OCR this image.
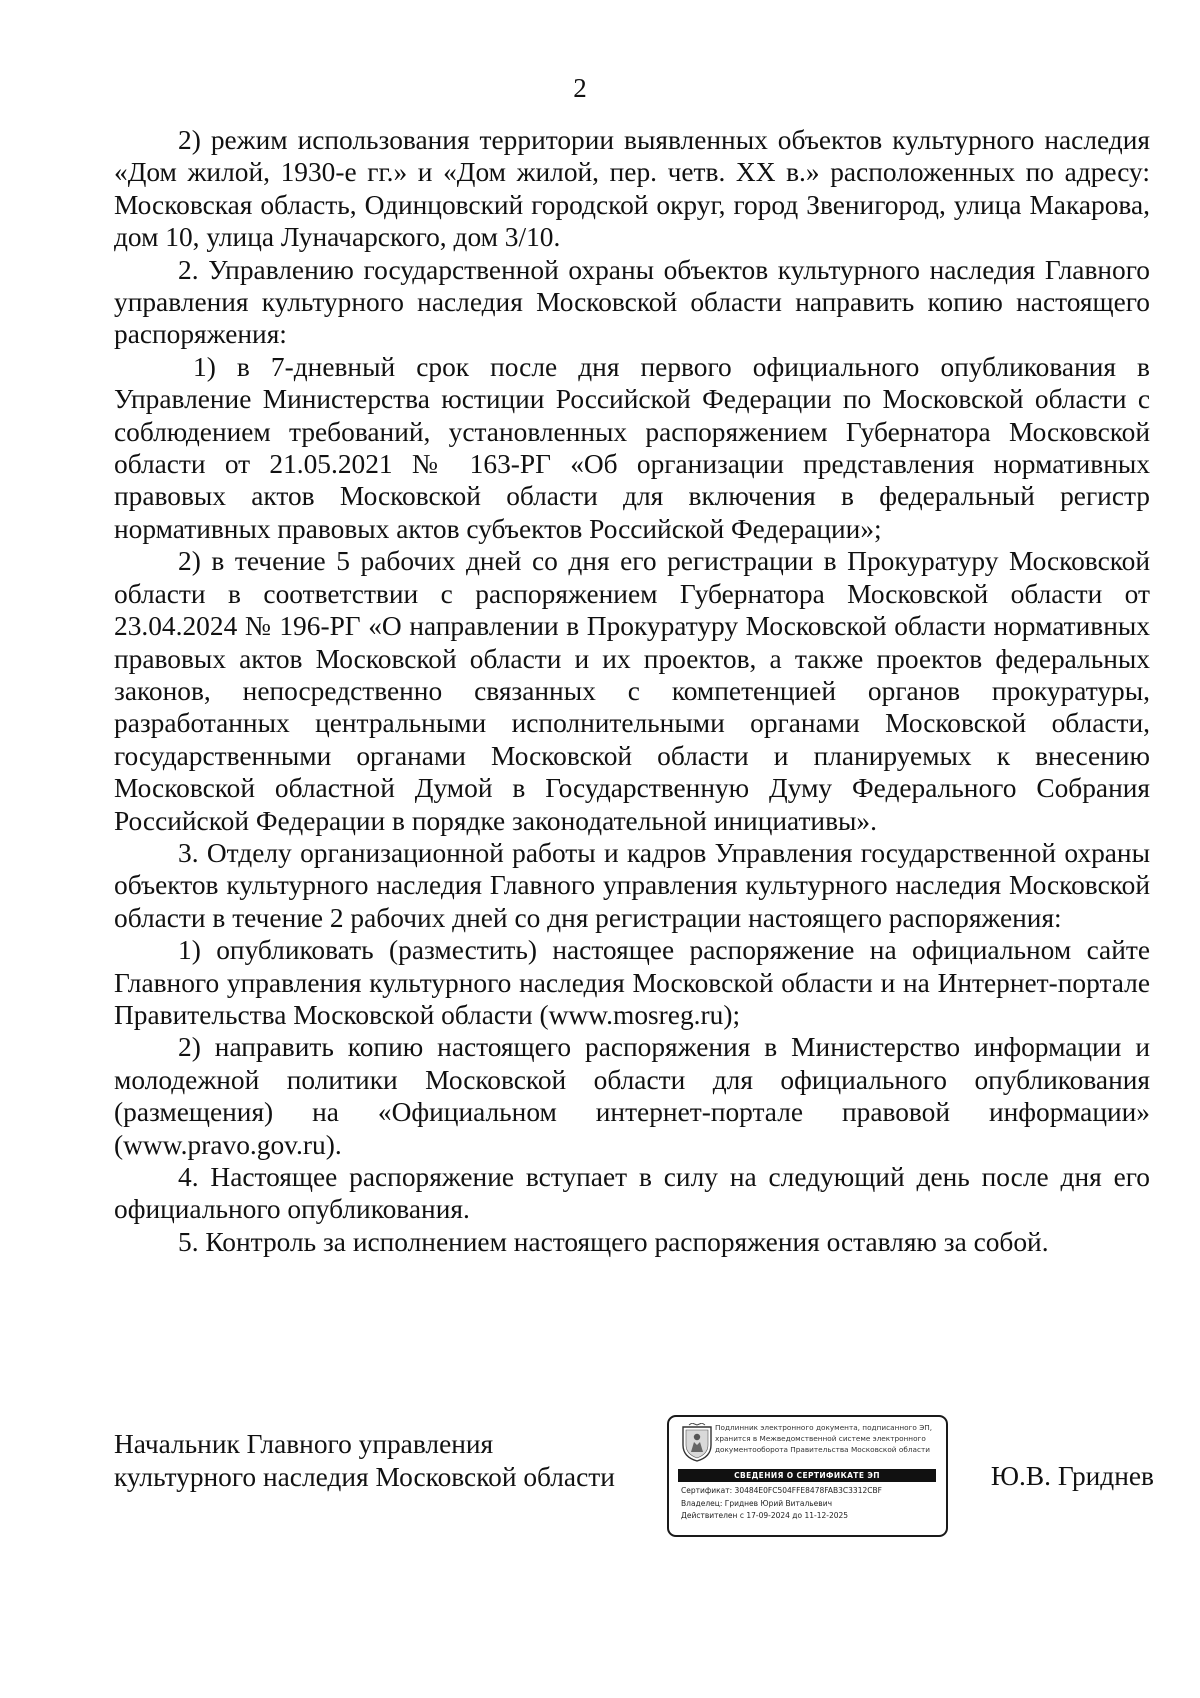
2

2) режим использования территории выявленных объектов культурного наследия «Дом жилой, 1930-е гг.» и «Дом жилой, пер. четв. XX в.» расположенных по адресу: Московская область, Одинцовский городской округ, город Звенигород, улица Макарова, дом 10, улица Луначарского, дом 3/10.

2. Управлению государственной охраны объектов культурного наследия Главного управления культурного наследия Московской области направить копию настоящего распоряжения:

1) в 7-дневный срок после дня первого официального опубликования в Управление Министерства юстиции Российской Федерации по Московской области с соблюдением требований, установленных распоряжением Губернатора Московской области от 21.05.2021 № 163-РГ «Об организации представления нормативных правовых актов Московской области для включения в федеральный регистр нормативных правовых актов субъектов Российской Федерации»;

2) в течение 5 рабочих дней со дня его регистрации в Прокуратуру Московской области в соответствии с распоряжением Губернатора Московской области от 23.04.2024 № 196-РГ «О направлении в Прокуратуру Московской области нормативных правовых актов Московской области и их проектов, а также проектов федеральных законов, непосредственно связанных с компетенцией органов прокуратуры, разработанных центральными исполнительными органами Московской области, государственными органами Московской области и планируемых к внесению Московской областной Думой в Государственную Думу Федерального Собрания Российской Федерации в порядке законодательной инициативы».

3. Отделу организационной работы и кадров Управления государственной охраны объектов культурного наследия Главного управления культурного наследия Московской области в течение 2 рабочих дней со дня регистрации настоящего распоряжения:

1) опубликовать (разместить) настоящее распоряжение на официальном сайте Главного управления культурного наследия Московской области и на Интернет-портале Правительства Московской области (www.mosreg.ru);

2) направить копию настоящего распоряжения в Министерство информации и молодежной политики Московской области для официального опубликования (размещения) на «Официальном интернет-портале правовой информации» (www.pravo.gov.ru).

4. Настоящее распоряжение вступает в силу на следующий день после дня его официального опубликования.

5. Контроль за исполнением настоящего распоряжения оставляю за собой.

Начальник Главного управления
культурного наследия Московской области
Подлинник электронного документа, подписанного ЭП,
хранится в Межведомственной системе электронного
документооборота Правительства Московской области
СВЕДЕНИЯ О СЕРТИФИКАТЕ ЭП
Сертификат: 30484E0FC504FFE8478FAB3C3312CBF
Владелец: Гриднев Юрий Витальевич
Действителен с 17-09-2024 до 11-12-2025
Ю.В. Гриднев
